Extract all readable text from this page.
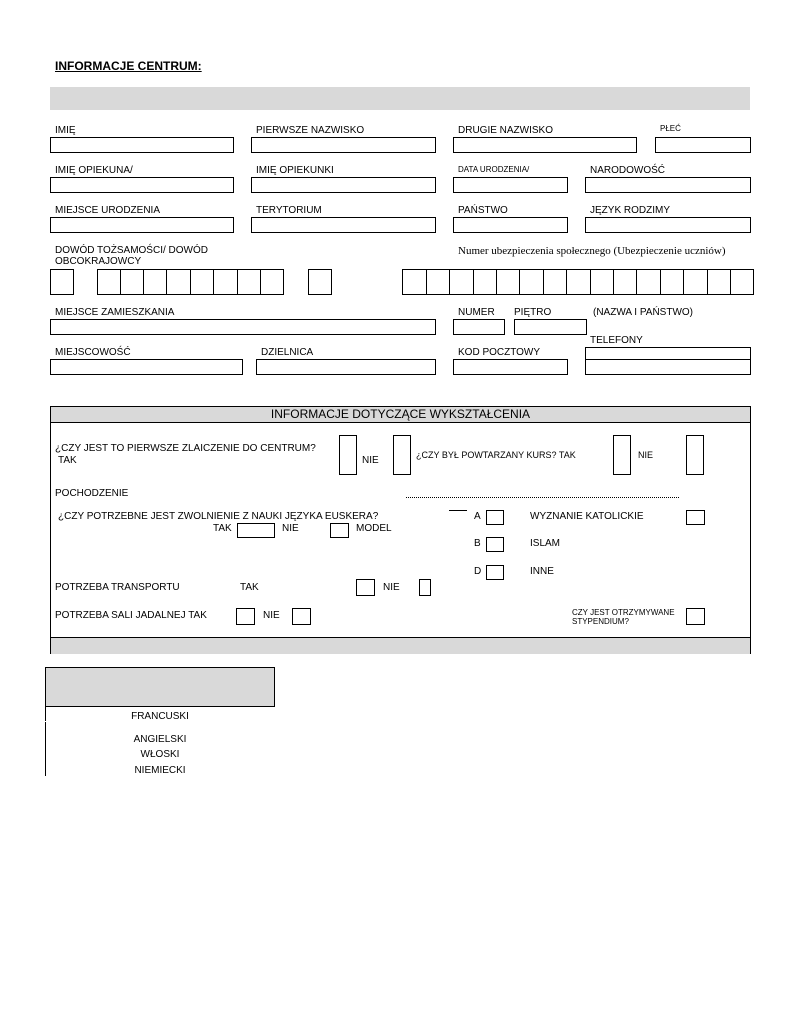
INFORMACJE CENTRUM:
IMIĘ	PIERWSZE NAZWISKO	DRUGIE NAZWISKO	PŁEĆ
IMIĘ OPIEKUNA/	IMIĘ OPIEKUNKI	DATA URODZENIA/	NARODOWOŚĆ
MIEJSCE URODZENIA	TERYTORIUM	PAŃSTWO	JĘZYK RODZIMY
DOWÓD TOŻSAMOŚCI/ DOWÓD
OBCOKRAJOWCY
Numer ubezpieczenia społecznego (Ubezpieczenie uczniów)
MIEJSCE ZAMIESZKANIA	NUMER PIĘTRO	(NAZWA I PAŃSTWO)
TELEFONY
MIEJSCOWOŚĆ	DZIELNICA	KOD POCZTOWY
INFORMACJE DOTYCZĄCE WYKSZTAŁCENIA
¿CZY JEST TO PIERWSZE ZLAICZENIE DO CENTRUM?
TAK	NIE	¿CZY BYŁ POWTARZANY KURS? TAK	NIE
POCHODZENIE
¿CZY POTRZEBNE JEST ZWOLNIENIE Z NAUKI JĘZYKA EUSKERA?
TAK	NIE	MODEL
A	WYZNANIE KATOLICKIE
B	ISLAM
D	INNE
POTRZEBA TRANSPORTU	TAK	NIE
POTRZEBA SALI JADALNEJ TAK	NIE	CZY JEST OTRZYMYWANE STYPENDIUM?
FRANCUSKI
ANGIELSKI
WŁOSKI
NIEMIECKI
